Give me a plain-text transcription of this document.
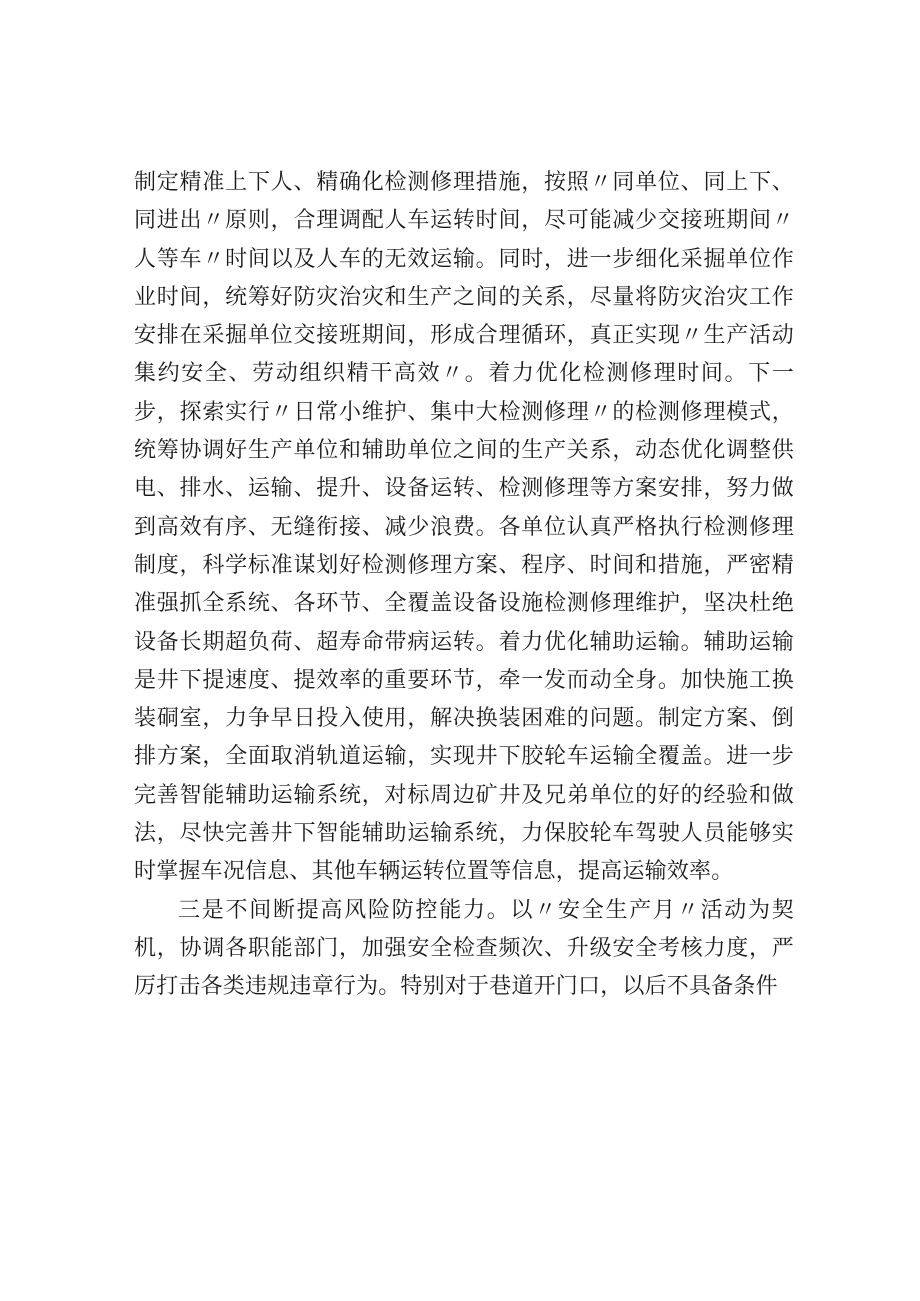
制定精准上下人、精确化检测修理措施，按照〃同单位、同上下、同进出〃原则，合理调配人车运转时间，尽可能减少交接班期间〃人等车〃时间以及人车的无效运输。同时，进一步细化采掘单位作业时间，统筹好防灾治灾和生产之间的关系，尽量将防灾治灾工作安排在采掘单位交接班期间，形成合理循环，真正实现〃生产活动集约安全、劳动组织精干高效〃。着力优化检测修理时间。下一步，探索实行〃日常小维护、集中大检测修理〃的检测修理模式，统筹协调好生产单位和辅助单位之间的生产关系，动态优化调整供电、排水、运输、提升、设备运转、检测修理等方案安排，努力做到高效有序、无缝衔接、减少浪费。各单位认真严格执行检测修理制度，科学标准谋划好检测修理方案、程序、时间和措施，严密精准强抓全系统、各环节、全覆盖设备设施检测修理维护，坚决杜绝设备长期超负荷、超寿命带病运转。着力优化辅助运输。辅助运输是井下提速度、提效率的重要环节，牵一发而动全身。加快施工换装硐室，力争早日投入使用，解决换装困难的问题。制定方案、倒排方案，全面取消轨道运输，实现井下胶轮车运输全覆盖。进一步完善智能辅助运输系统，对标周边矿井及兄弟单位的好的经验和做法，尽快完善井下智能辅助运输系统，力保胶轮车驾驶人员能够实时掌握车况信息、其他车辆运转位置等信息，提高运输效率。

三是不间断提高风险防控能力。以〃安全生产月〃活动为契机，协调各职能部门，加强安全检查频次、升级安全考核力度，严厉打击各类违规违章行为。特别对于巷道开门口，以后不具备条件
